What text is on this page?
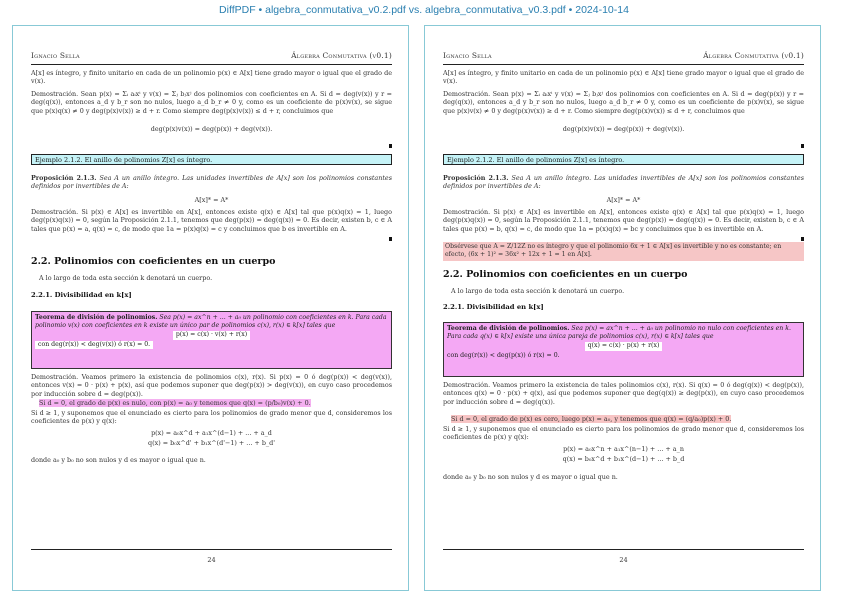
DiffPDF • algebra_conmutativa_v0.2.pdf vs. algebra_conmutativa_v0.3.pdf • 2024-10-14
Ignacio Sella	Álgebra Conmutativa (v0.1)
A[x] es íntegro, y finito unitario en cada de un polinomio p(x) ∈ A[x] tiene grado mayor o igual que el grado de v(x).
Demostración. Sean p(x) = Σᵢ aᵢxⁱ y v(x) = Σⱼ bⱼxʲ dos polinomios con coeficientes en A. Si d = deg(v(x)) y r = deg(q(x)), entonces a_d y b_r son no nulos, luego a_d b_r ≠ 0 y, como es un coeficiente de p(x)v(x), se sigue que p(x)q(x) ≠ 0 y deg(p(x)v(x)) ≥ d + r. Como siempre deg(p(x)v(x)) ≤ d + r, concluimos que
deg(p(x)v(x)) = deg(p(x)) + deg(v(x)).
Ejemplo 2.1.2. El anillo de polinomios Z[x] es íntegro.
Proposición 2.1.3. Sea A un anillo íntegro. Las unidades invertibles de A[x] son los polinomios constantes definidos por invertibles de A:
A[x]* = A*
Demostración. Si p(x) ∈ A[x] es invertible en A[x], entonces existe q(x) ∈ A[x] tal que p(x)q(x) = 1, luego deg(p(x)q(x)) = 0, según la Proposición 2.1.1, tenemos que deg(p(x)) = deg(q(x)) = 0. Es decir, existen b, c ∈ A tales que p(x) = a, q(x) = c, de modo que 1a = p(x)q(x) = c y concluimos que b es invertible en A.
2.2. Polinomios con coeficientes en un cuerpo
A lo largo de toda esta sección k denotará un cuerpo.
2.2.1. Divisibilidad en k[x]
Teorema de división de polinomios. Sea p(x) = ax^n + ... + a₀ un polinomio con coeficientes en k. Para cada polinomio v(x) con coeficientes en k existe un único par de polinomios c(x), r(x) ∈ k[x] tales que
p(x) = c(x) · v(x) + r(x)
con deg(r(x)) < deg(v(x)) ó r(x) = 0.
Demostración. Veamos primero la existencia de polinomios c(x), r(x). Si p(x) = 0 ó deg(p(x)) < deg(v(x)), entonces v(x) = 0 · p(x) + p(x), así que podemos suponer que deg(p(x)) > deg(v(x)), en cuyo caso procedemos por inducción sobre d = deg(p(x)).
Si d = 0, el grado de p(x) es nulo, con p(x) = a₀ y tenemos que q(x) = (p/b₀)v(x) + 0.
Si d ≥ 1, y suponemos que el enunciado es cierto para los polinomios de grado menor que d, consideremos los coeficientes de p(x) y q(x):
p(x) = a₀x^d + a₁x^(d−1) + ... + a_d
q(x) = b₀x^d' + b₁x^(d'−1) + ... + b_d'
donde a₀ y b₀ no son nulos y d es mayor o igual que n.
24
Ignacio Sella	Álgebra Conmutativa (v0.1)
A[x] es íntegro, y finito unitario en cada de un polinomio p(x) ∈ A[x] tiene grado mayor o igual que el grado de v(x).
Demostración. Sean p(x) = Σᵢ aᵢxⁱ y v(x) = Σⱼ bⱼxʲ dos polinomios con coeficientes en A. Si d = deg(p(x)) y r = deg(q(x)), entonces a_d y b_r son no nulos, luego a_d b_r ≠ 0 y, como es un coeficiente de p(x)v(x), se sigue que p(x)v(x) ≠ 0 y deg(p(x)v(x)) ≥ d + r. Como siempre deg(p(x)v(x)) ≤ d + r, concluimos que
deg(p(x)v(x)) = deg(p(x)) + deg(v(x)).
Ejemplo 2.1.2. El anillo de polinomios Z[x] es íntegro.
Proposición 2.1.3. Sea A un anillo íntegro. Las unidades invertibles de A[x] son los polinomios constantes definidos por invertibles de A:
A[x]* = A*
Demostración. Si p(x) ∈ A[x] es invertible en A[x], entonces existe q(x) ∈ A[x] tal que p(x)q(x) = 1, luego deg(p(x)q(x)) = 0, según la Proposición 2.1.1, tenemos que deg(p(x)) = deg(q(x)) = 0. Es decir, existen b, c ∈ A tales que p(x) = b, q(x) = c, de modo que 1a = p(x)q(x) = bc y concluimos que b es invertible en A.
Obsérvese que A = Z/12Z no es íntegro y que el polinomio 6x + 1 ∈ A[x] es invertible y no es constante; en efecto, (6x + 1)² = 36x² + 12x + 1 = 1 en A[x].
2.2. Polinomios con coeficientes en un cuerpo
A lo largo de toda esta sección k denotará un cuerpo.
2.2.1. Divisibilidad en k[x]
Teorema de división de polinomios. Sea p(x) = ax^n + ... + a₀ un polinomio no nulo con coeficientes en k. Para cada q(x) ∈ k[x] existe una única pareja de polinomios c(x), r(x) ∈ k[x] tales que
q(x) = c(x) · p(x) + r(x)
con deg(r(x)) < deg(p(x)) ó r(x) = 0.
Demostración. Veamos primero la existencia de tales polinomios c(x), r(x). Si q(x) = 0 ó deg(q(x)) < deg(p(x)), entonces q(x) = 0 · p(x) + q(x), así que podemos suponer que deg(q(x)) ≥ deg(p(x)), en cuyo caso procedemos por inducción sobre d = deg(q(x)).
Si d = 0, el grado de p(x) es cero, luego p(x) = a₀, y tenemos que q(x) = (q/a₀)p(x) + 0.
Si d ≥ 1, y suponemos que el enunciado es cierto para los polinomios de grado menor que d, consideremos los coeficientes de p(x) y q(x):
p(x) = a₀x^n + a₁x^(n−1) + ... + a_n
q(x) = b₀x^d + b₁x^(d−1) + ... + b_d
donde a₀ y b₀ no son nulos y d es mayor o igual que n.
24
